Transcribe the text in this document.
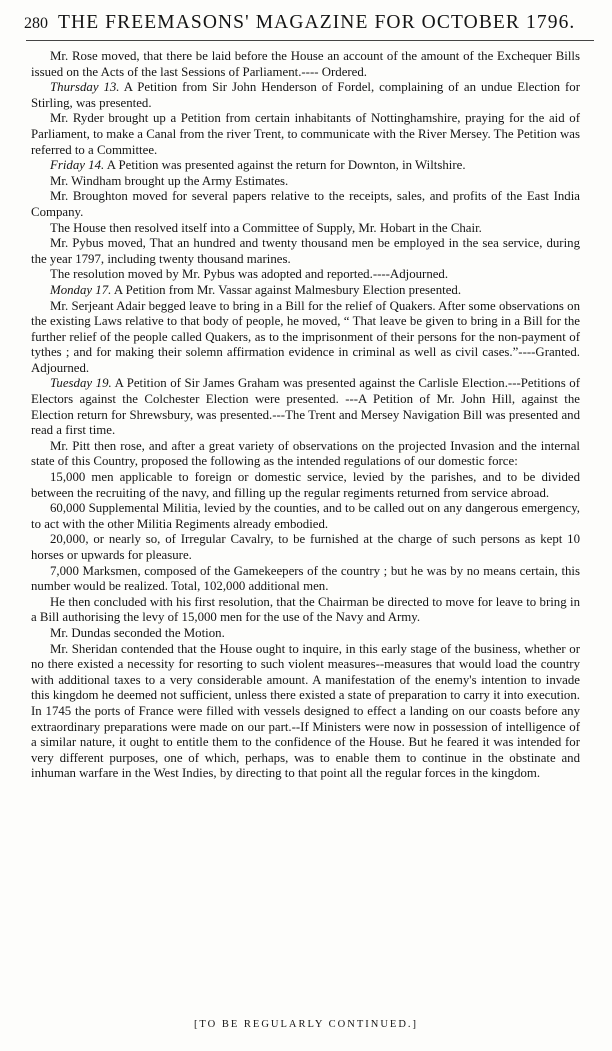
280 THE FREEMASONS' MAGAZINE FOR OCTOBER 1796.

Mr. Rose moved, that there be laid before the House an account of the amount of the Exchequer Bills issued on the Acts of the last Sessions of Parliament.---- Ordered.

Thursday 13. A Petition from Sir John Henderson of Fordel, complaining of an undue Election for Stirling, was presented.

Mr. Ryder brought up a Petition from certain inhabitants of Nottinghamshire, praying for the aid of Parliament, to make a Canal from the river Trent, to communicate with the River Mersey. The Petition was referred to a Committee.

Friday 14. A Petition was presented against the return for Downton, in Wiltshire.

Mr. Windham brought up the Army Estimates.

Mr. Broughton moved for several papers relative to the receipts, sales, and profits of the East India Company.

The House then resolved itself into a Committee of Supply, Mr. Hobart in the Chair.

Mr. Pybus moved, That an hundred and twenty thousand men be employed in the sea service, during the year 1797, including twenty thousand marines.

The resolution moved by Mr. Pybus was adopted and reported.----Adjourned.

Monday 17. A Petition from Mr. Vassar against Malmesbury Election presented.

Mr. Serjeant Adair begged leave to bring in a Bill for the relief of Quakers. After some observations on the existing Laws relative to that body of people, he moved, “ That leave be given to bring in a Bill for the further relief of the people called Quakers, as to the imprisonment of their persons for the non-payment of tythes ; and for making their solemn affirmation evidence in criminal as well as civil cases.”----Granted. Adjourned.

Tuesday 19. A Petition of Sir James Graham was presented against the Carlisle Election.---Petitions of Electors against the Colchester Election were presented. ---A Petition of Mr. John Hill, against the Election return for Shrewsbury, was presented.---The Trent and Mersey Navigation Bill was presented and read a first time.

Mr. Pitt then rose, and after a great variety of observations on the projected Invasion and the internal state of this Country, proposed the following as the intended regulations of our domestic force:

15,000 men applicable to foreign or domestic service, levied by the parishes, and to be divided between the recruiting of the navy, and filling up the regular regiments returned from service abroad.

60,000 Supplemental Militia, levied by the counties, and to be called out on any dangerous emergency, to act with the other Militia Regiments already embodied.

20,000, or nearly so, of Irregular Cavalry, to be furnished at the charge of such persons as kept 10 horses or upwards for pleasure.

7,000 Marksmen, composed of the Gamekeepers of the country ; but he was by no means certain, this number would be realized. Total, 102,000 additional men.

He then concluded with his first resolution, that the Chairman be directed to move for leave to bring in a Bill authorising the levy of 15,000 men for the use of the Navy and Army.

Mr. Dundas seconded the Motion.

Mr. Sheridan contended that the House ought to inquire, in this early stage of the business, whether or no there existed a necessity for resorting to such violent measures--measures that would load the country with additional taxes to a very considerable amount. A manifestation of the enemy's intention to invade this kingdom he deemed not sufficient, unless there existed a state of preparation to carry it into execution. In 1745 the ports of France were filled with vessels designed to effect a landing on our coasts before any extraordinary preparations were made on our part.--If Ministers were now in possession of intelligence of a similar nature, it ought to entitle them to the confidence of the House. But he feared it was intended for very different purposes, one of which, perhaps, was to enable them to continue in the obstinate and inhuman warfare in the West Indies, by directing to that point all the regular forces in the kingdom.

[TO BE REGULARLY CONTINUED.]
